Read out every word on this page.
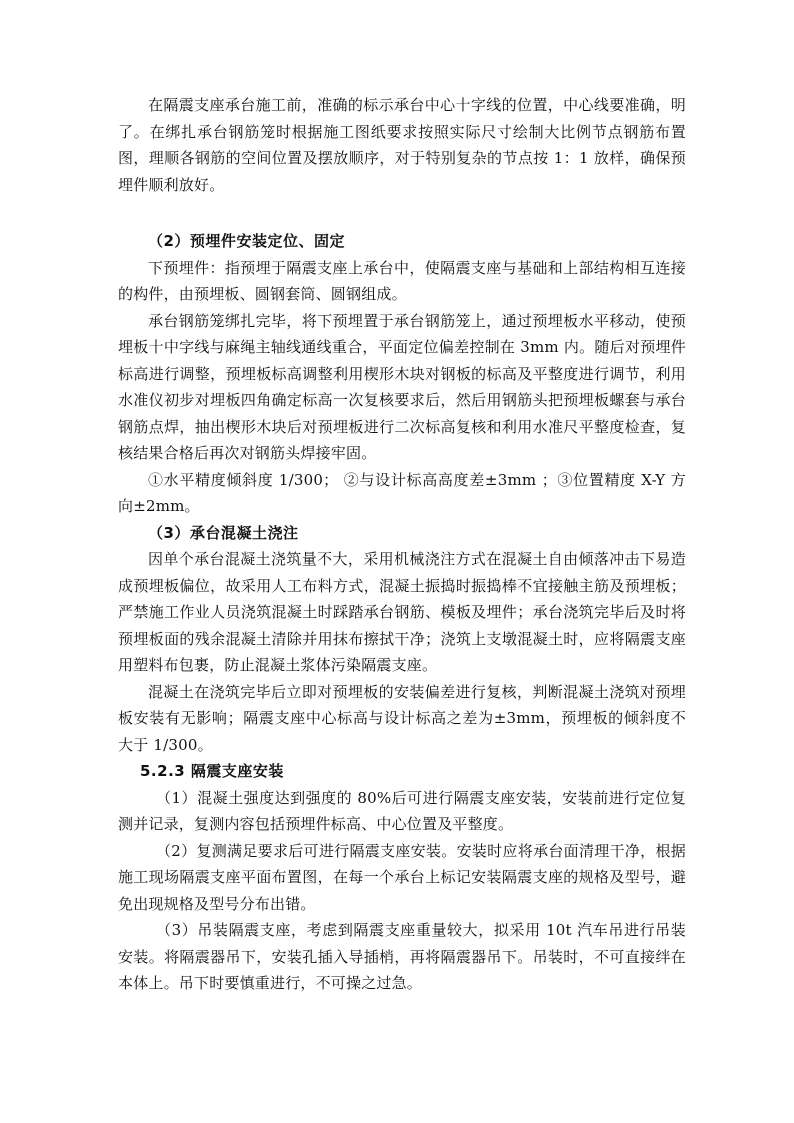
在隔震支座承台施工前，准确的标示承台中心十字线的位置，中心线要准确，明了。在绑扎承台钢筋笼时根据施工图纸要求按照实际尺寸绘制大比例节点钢筋布置图，理顺各钢筋的空间位置及摆放顺序，对于特别复杂的节点按 1：1 放样，确保预埋件顺利放好。

（2）预埋件安装定位、固定

下预埋件：指预埋于隔震支座上承台中，使隔震支座与基础和上部结构相互连接的构件，由预埋板、圆钢套筒、圆钢组成。

承台钢筋笼绑扎完毕，将下预埋置于承台钢筋笼上，通过预埋板水平移动，使预埋板十中字线与麻绳主轴线通线重合，平面定位偏差控制在 3mm 内。随后对预埋件标高进行调整，预埋板标高调整利用楔形木块对钢板的标高及平整度进行调节，利用水准仪初步对埋板四角确定标高一次复核要求后，然后用钢筋头把预埋板螺套与承台钢筋点焊，抽出楔形木块后对预埋板进行二次标高复核和利用水准尺平整度检查，复核结果合格后再次对钢筋头焊接牢固。

①水平精度倾斜度 1/300； ②与设计标高高度差±3mm ；③位置精度 X-Y 方向±2mm。

（3）承台混凝土浇注

因单个承台混凝土浇筑量不大，采用机械浇注方式在混凝土自由倾落冲击下易造成预埋板偏位，故采用人工布料方式，混凝土振捣时振捣棒不宜接触主筋及预埋板；严禁施工作业人员浇筑混凝土时踩踏承台钢筋、模板及埋件；承台浇筑完毕后及时将预埋板面的残余混凝土清除并用抹布擦拭干净；浇筑上支墩混凝土时，应将隔震支座用塑料布包裹，防止混凝土浆体污染隔震支座。

混凝土在浇筑完毕后立即对预埋板的安装偏差进行复核，判断混凝土浇筑对预埋板安装有无影响；隔震支座中心标高与设计标高之差为±3mm，预埋板的倾斜度不大于 1/300。

5.2.3 隔震支座安装

（1）混凝土强度达到强度的 80%后可进行隔震支座安装，安装前进行定位复测并记录，复测内容包括预埋件标高、中心位置及平整度。

（2）复测满足要求后可进行隔震支座安装。安装时应将承台面清理干净，根据施工现场隔震支座平面布置图，在每一个承台上标记安装隔震支座的规格及型号，避免出现规格及型号分布出错。

（3）吊装隔震支座，考虑到隔震支座重量较大，拟采用 10t 汽车吊进行吊装安装。将隔震器吊下，安装孔插入导插梢，再将隔震器吊下。吊装时，不可直接绊在本体上。吊下时要慎重进行，不可操之过急。
